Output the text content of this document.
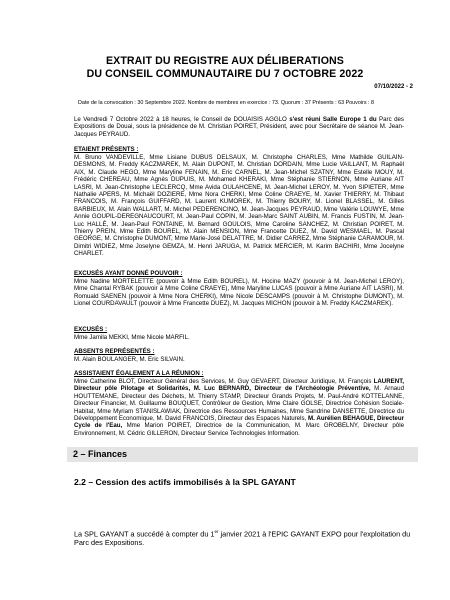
EXTRAIT DU REGISTRE AUX DÉLIBERATIONS
DU CONSEIL COMMUNAUTAIRE DU 7 OCTOBRE 2022
07/10/2022 - 2
Date de la convocation : 30 Septembre 2022. Nombre de membres en exercice : 73. Quorum : 37 Présents : 63 Pouvoirs : 8
Le Vendredi 7 Octobre 2022 à 18 heures, le Conseil de DOUAISIS AGGLO s'est réuni Salle Europe 1 du Parc des Expositions de Douai, sous la présidence de M. Christian POIRET, Président, avec pour Secrétaire de séance M. Jean-Jacques PEYRAUD.
ETAIENT PRÉSENTS :
M. Bruno VANDEVILLE, Mme Lisiane DUBUS DELSAUX, M. Christophe CHARLES, Mme Mathilde GUILAIN-DESMONS, M. Freddy KACZMAREK, M. Alain DUPONT, M. Christian DORDAIN, Mme Lucie VAILLANT, M. Raphaël AIX, M. Claude HEGO, Mme Maryline FENAIN, M. Eric CARNEL, M. Jean-Michel SZATNY, Mme Estelle MOUY, M. Frédéric CHEREAU, Mme Agnès DUPUIS, M. Mohamed KHERAKI, Mme Stéphanie STIERNON, Mme Auriane AIT LASRI, M. Jean-Christophe LECLERCQ, Mme Avida OULAHCENE, M. Jean-Michel LEROY, M. Yvon SIPIETER, Mme Nathalie APERS, M. Michaël DOZIERE, Mme Nora CHERKI, Mme Coline CRAEYE, M. Xavier THIERRY, M. Thibaut FRANCOIS, M. François GUIFFARD, M. Laurent KUMOREK, M. Thierry BOURY, M. Lionel BLASSEL, M. Gilles BARBIEUX, M. Alain WALLART, M. Michel PEDERENCINO, M. Jean-Jacques PEYRAUD, Mme Valérie LOUWYE, Mme Annie GOUPIL-DEREGNAUCOURT, M. Jean-Paul COPIN, M. Jean-Marc SAINT AUBIN, M. Francis FUSTIN, M. Jean-Luc HALLÉ, M. Jean-Paul FONTAINE, M. Bernard GOULOIS, Mme Caroline SANCHEZ, M. Christian POIRET, M. Thierry PREIN, Mme Edith BOUREL, M. Alain MENSION, Mme Francette DUEZ, M. David WESMAEL, M. Pascal GEORGE, M. Christophe DUMONT, Mme Marie-José DELATTRE, M. Didier CARREZ, Mme Stéphanie CARAMOUR, M. Dimitri WIDIEZ, Mme Joselyne GEMZA, M. Henri JARUGA, M. Patrick MERCIER, M. Karim BACHIRI, Mme Jocelyne CHARLET.
EXCUSÉS AYANT DONNÉ POUVOIR :
Mme Nadine MORTELETTE (pouvoir à Mme Edith BOUREL), M. Hocine MAZY (pouvoir à M. Jean-Michel LEROY), Mme Chantal RYBAK (pouvoir à Mme Coline CRAEYE), Mme Maryline LUCAS (pouvoir à Mme Auriane AIT LASRI), M. Romuald SAENEN (pouvoir à Mme Nora CHERKI), Mme Nicole DESCAMPS (pouvoir à M. Christophe DUMONT), M. Lionel COURDAVAULT (pouvoir à Mme Francette DUEZ), M. Jacques MICHON (pouvoir à M. Freddy KACZMAREK).
EXCUSÉS :
Mme Jamila MEKKI, Mme Nicole MARFIL.
ABSENTS REPRÉSENTÉS :
M. Alain BOULANGER, M. Eric SILVAIN.
ASSISTAIENT ÉGALEMENT A LA RÉUNION :
Mme Catherine BLOT, Directeur Général des Services, M. Guy GEVAERT, Directeur Juridique, M. François LAURENT, Directeur pôle Pilotage et Solidarités, M. Luc BERNARD, Directeur de l'Archéologie Préventive, M. Arnaud HOUTTEMANE, Directeur des Déchets, M. Thierry STAMP, Directeur Grands Projets, M. Paul-André KOTTELANNE, Directeur Financier, M. Guillaume BOUQUET, Contrôleur de Gestion, Mme Claire GOLSE, Directrice Cohésion Sociale-Habitat, Mme Myriam STANISLAWIAK, Directrice des Ressources Humaines, Mme Sandrine DANSETTE, Directrice du Développement Economique, M. David FRANCOIS, Directeur des Espaces Naturels, M. Aurélien BEHAGUE, Directeur Cycle de l'Eau, Mme Marion POIRET, Directrice de la Communication, M. Marc GROBELNY, Directeur pôle Environnement, M. Cédric GILLERON, Directeur Service Technologies Information.
2 – Finances
2.2 – Cession des actifs immobilisés à la SPL GAYANT
La SPL GAYANT a succédé à compter du 1er janvier 2021 à l'EPIC GAYANT EXPO pour l'exploitation du Parc des Expositions.
